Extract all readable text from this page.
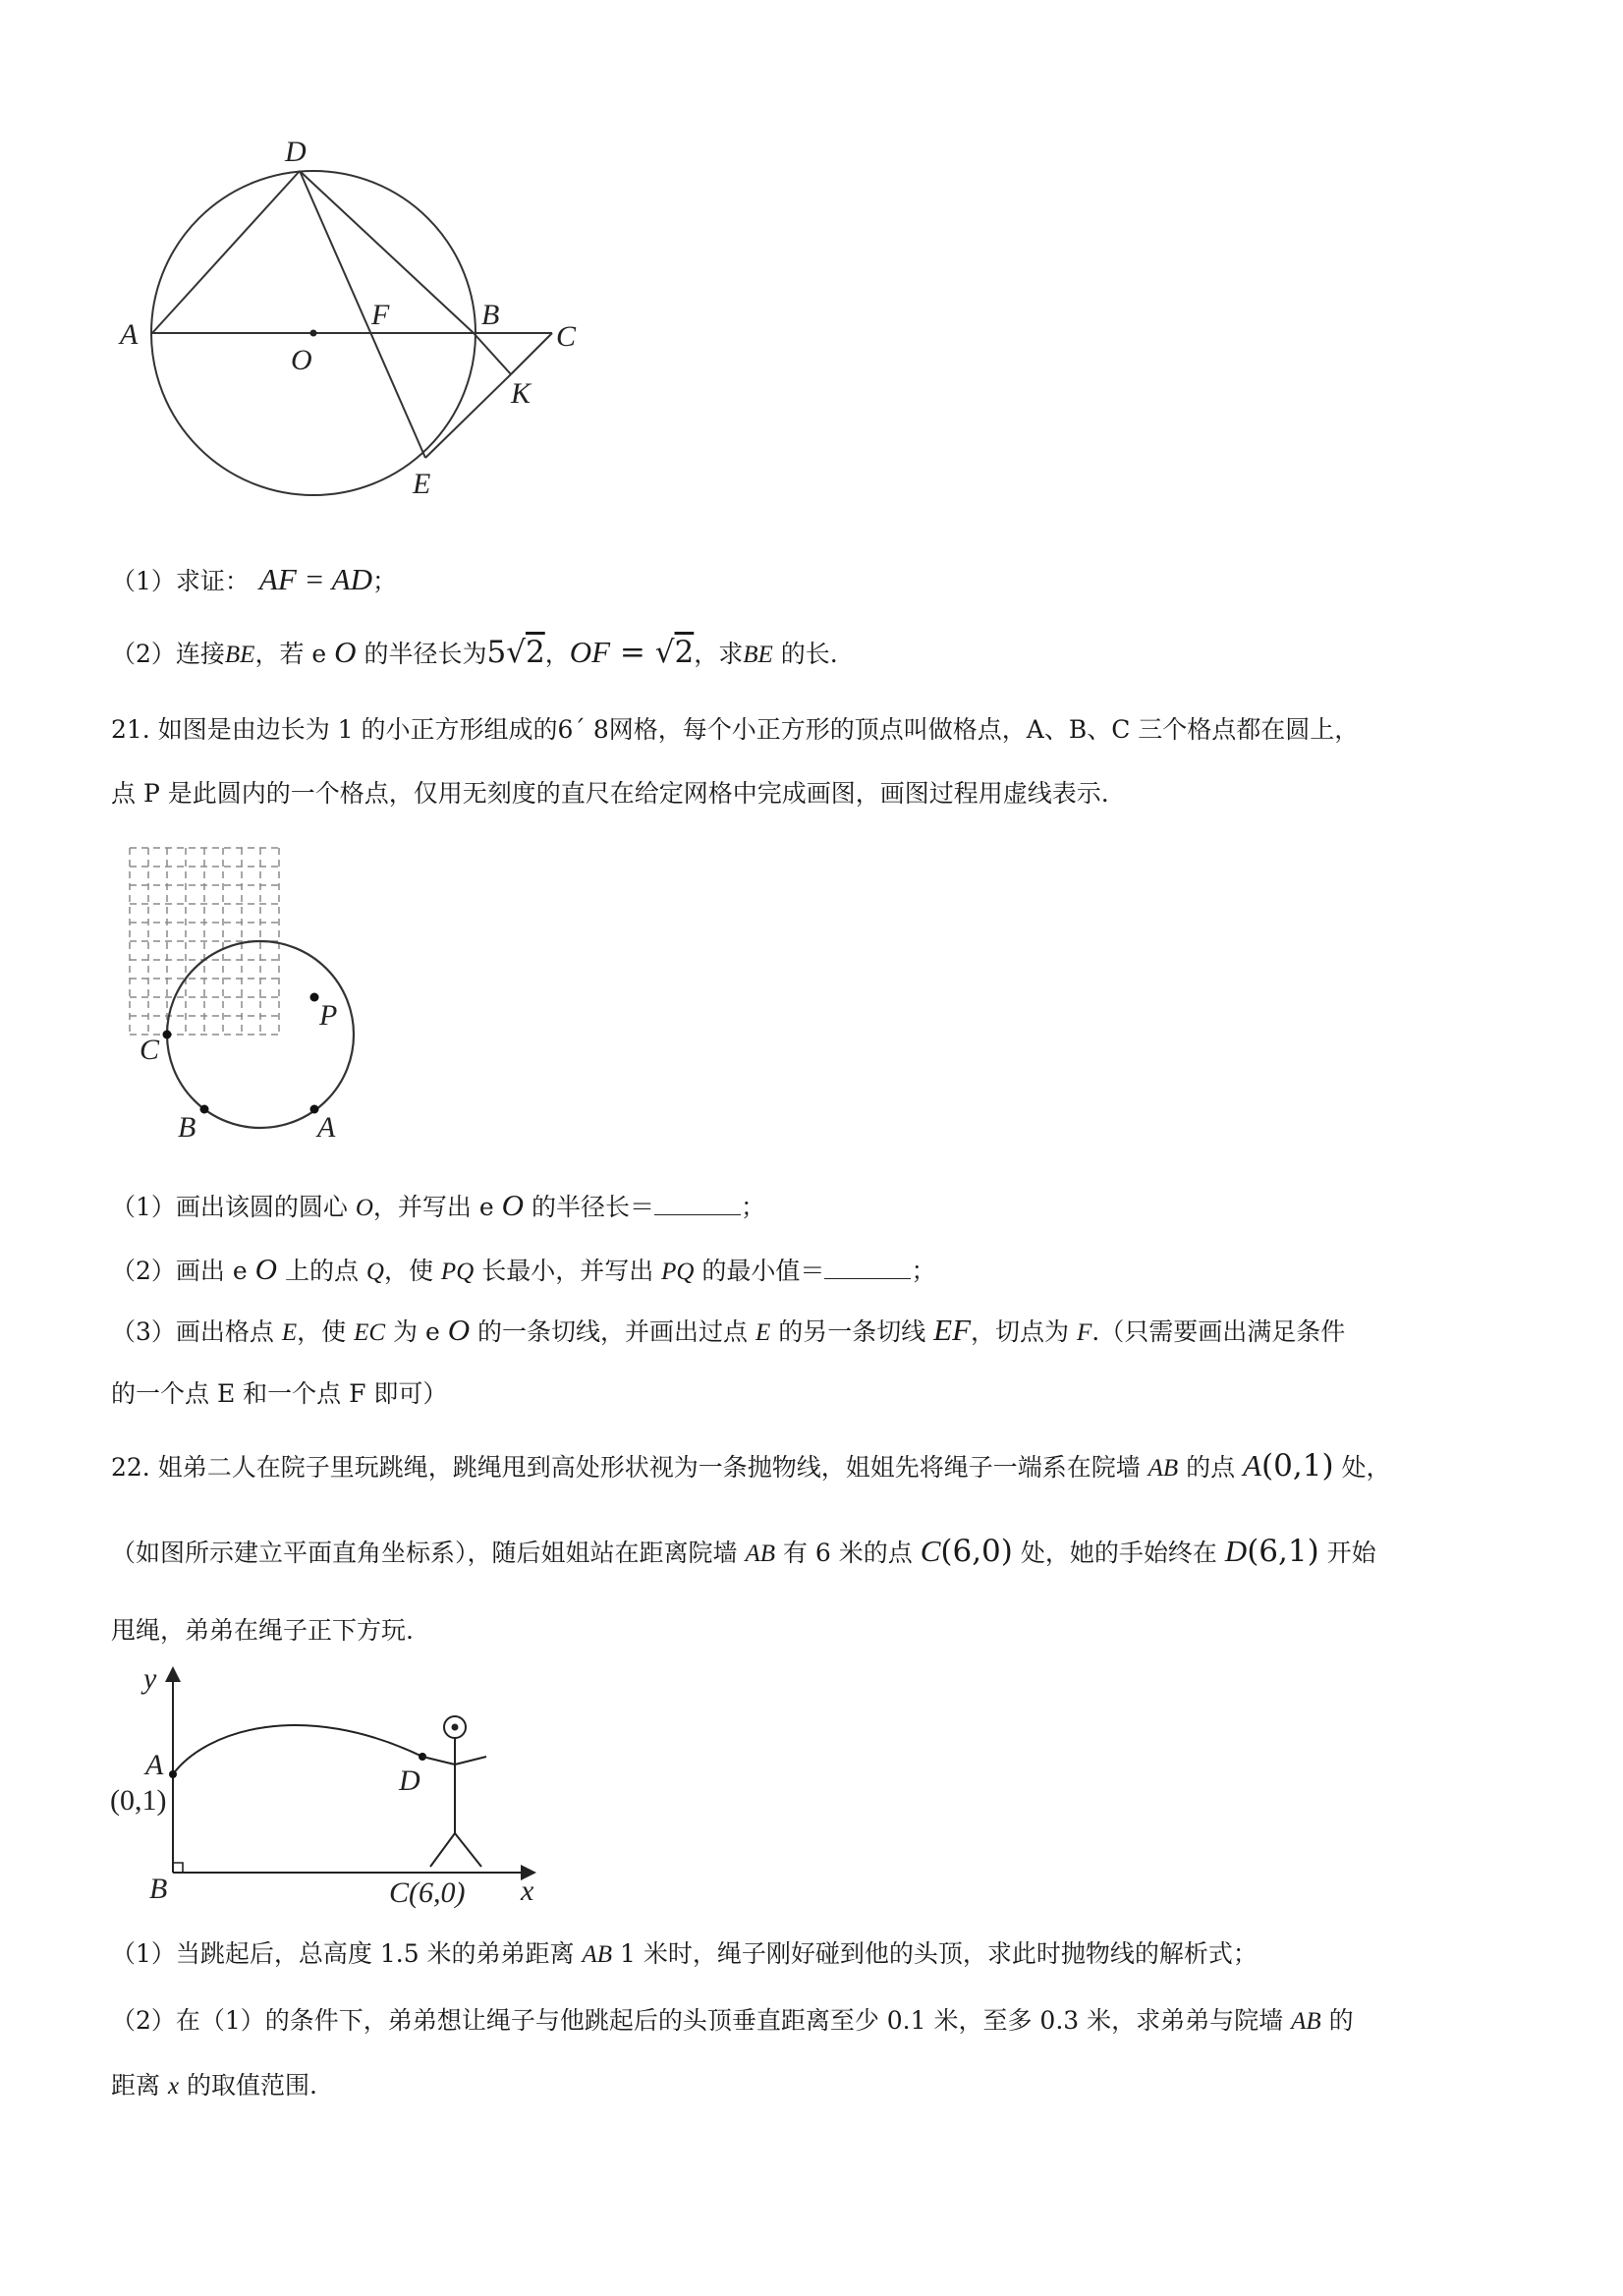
D
A
F	B
C
O
K
E
（1）求证： AF = AD；
（2）连接BE，若 e O 的半径长为5√2，OF = √2，求BE 的长.
21. 如图是由边长为 1 的小正方形组成的6´ 8网格，每个小正方形的顶点叫做格点，A、B、C 三个格点都在圆上，
点 P 是此圆内的一个格点，仅用无刻度的直尺在给定网格中完成画图，画图过程用虚线表示.
P
C
B	A
（1）画出该圆的圆心 O，并写出 e O 的半径长＝	；
（2）画出 e O 上的点 Q，使 PQ 长最小，并写出 PQ 的最小值＝	；
（3）画出格点 E，使 EC 为 e O 的一条切线，并画出过点 E 的另一条切线 EF，切点为 F.（只需要画出满足条件
的一个点 E 和一个点 F 即可）
22. 姐弟二人在院子里玩跳绳，跳绳甩到高处形状视为一条抛物线，姐姐先将绳子一端系在院墙 AB 的点 A(0,1) 处，
（如图所示建立平面直角坐标系），随后姐姐站在距离院墙 AB 有 6 米的点 C(6,0) 处，她的手始终在 D(6,1) 开始
甩绳，弟弟在绳子正下方玩.
y
A
(0,1)
D
B	C(6,0) x
（1）当跳起后，总高度 1.5 米的弟弟距离 AB 1 米时，绳子刚好碰到他的头顶，求此时抛物线的解析式；
（2）在（1）的条件下，弟弟想让绳子与他跳起后的头顶垂直距离至少 0.1 米，至多 0.3 米，求弟弟与院墙 AB 的
距离 x 的取值范围.
